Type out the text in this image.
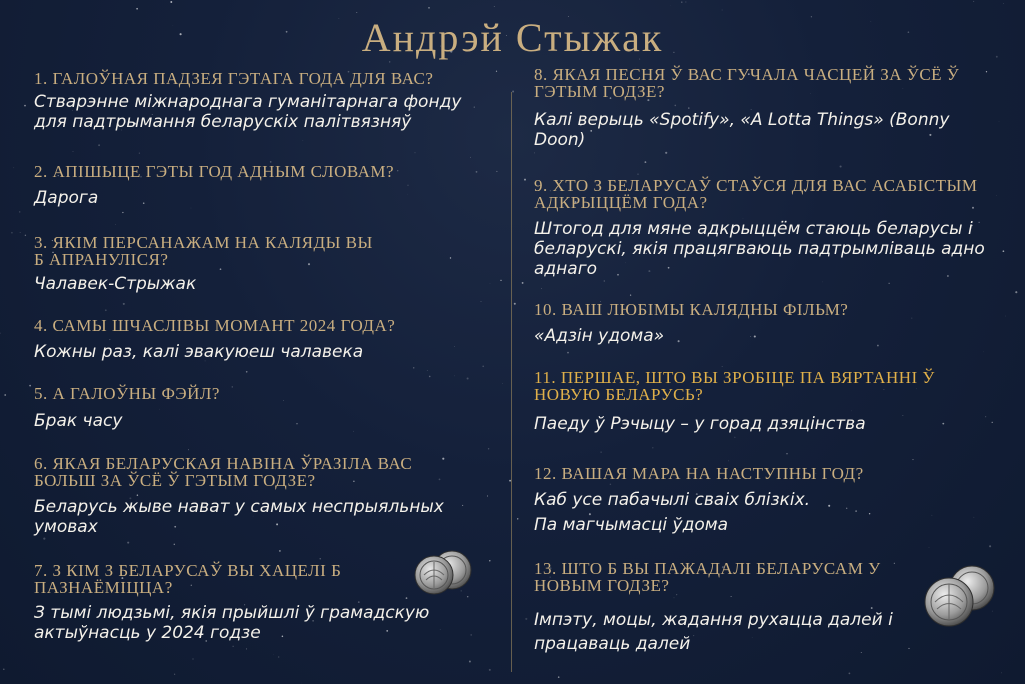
Андрэй Стыжак

1. ГАЛОЎНАЯ ПАДЗЕЯ ГЭТАГА ГОДА ДЛЯ ВАС?

Стварэнне міжнароднага гуманітарнага фонду для падтрымання беларускіх палітвязняў

2. АПІШЫЦЕ ГЭТЫ ГОД АДНЫМ СЛОВАМ?

Дарога

3. ЯКІМ ПЕРСАНАЖАМ НА КАЛЯДЫ ВЫ Б АПРАНУЛІСЯ?

Чалавек-Стрыжак

4. САМЫ ШЧАСЛІВЫ МОМАНТ 2024 ГОДА?

Кожны раз, калі эвакуюеш чалавека

5. А ГАЛОЎНЫ ФЭЙЛ?

Брак часу

6. ЯКАЯ БЕЛАРУСКАЯ НАВІНА ЎРАЗІЛА ВАС БОЛЬШ ЗА ЎСЁ Ў ГЭТЫМ ГОДЗЕ?

Беларусь жыве нават у самых неспрыяльных умовах

7. З КІМ З БЕЛАРУСАЎ ВЫ ХАЦЕЛІ Б ПАЗНАЁМІЦЦА?

З тымі людзьмі, якія прыйшлі ў грамадскую актыўнасць у 2024 годзе

8. ЯКАЯ ПЕСНЯ Ў ВАС ГУЧАЛА ЧАСЦЕЙ ЗА ЎСЁ Ў ГЭТЫМ ГОДЗЕ?

Калі верыць «Spotify», «A Lotta Things» (Bonny Doon)

9. ХТО З БЕЛАРУСАЎ СТАЎСЯ ДЛЯ ВАС АСАБІСТЫМ АДКРЫЦЦЁМ ГОДА?

Штогод для мяне адкрыццём стаюць беларусы і беларускі, якія працягваюць падтрымліваць адно аднаго

10. ВАШ ЛЮБІМЫ КАЛЯДНЫ ФІЛЬМ?

«Адзін удома»

11. ПЕРШАЕ, ШТО ВЫ ЗРОБІЦЕ ПА ВЯРТАННІ Ў НОВУЮ БЕЛАРУСЬ?

Паеду ў Рэчыцу – у горад дзяцінства

12. ВАШАЯ МАРА НА НАСТУПНЫ ГОД?

Каб усе пабачылі сваіх блізкіх.
Па магчымасці ўдома

13. ШТО Б ВЫ ПАЖАДАЛІ БЕЛАРУСАМ У НОВЫМ ГОДЗЕ?

Імпэту, моцы, жадання рухацца далей і працаваць далей
